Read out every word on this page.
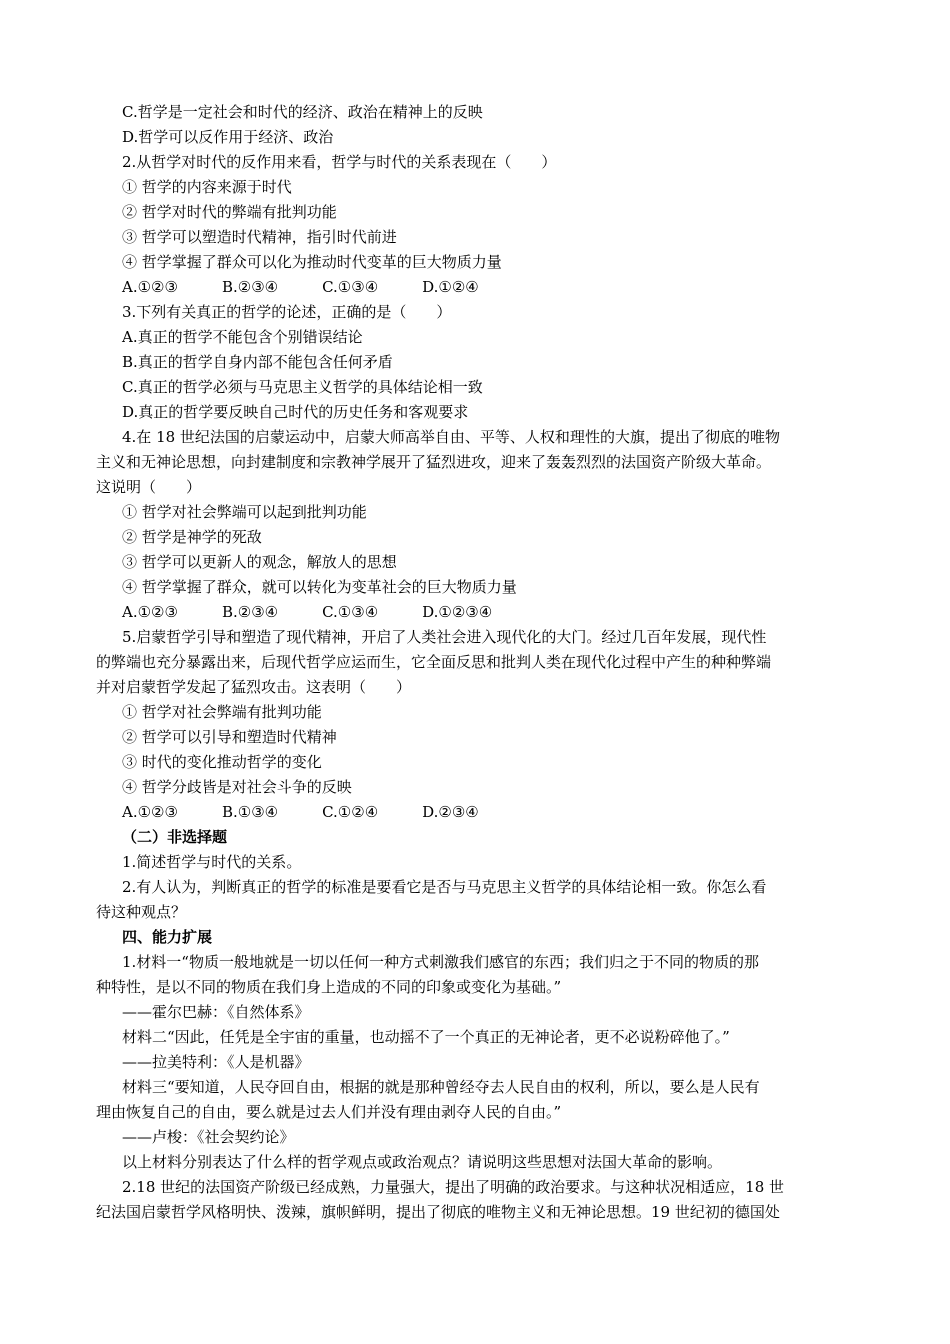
C.哲学是一定社会和时代的经济、政治在精神上的反映
D.哲学可以反作用于经济、政治
2.从哲学对时代的反作用来看，哲学与时代的关系表现在（　　）
① 哲学的内容来源于时代
② 哲学对时代的弊端有批判功能
③ 哲学可以塑造时代精神，指引时代前进
④ 哲学掌握了群众可以化为推动时代变革的巨大物质力量
A.①②③	B.②③④	C.①③④	D.①②④
3.下列有关真正的哲学的论述，正确的是（　　）
A.真正的哲学不能包含个别错误结论
B.真正的哲学自身内部不能包含任何矛盾
C.真正的哲学必须与马克思主义哲学的具体结论相一致
D.真正的哲学要反映自己时代的历史任务和客观要求
4.在 18 世纪法国的启蒙运动中，启蒙大师高举自由、平等、人权和理性的大旗，提出了彻底的唯物
主义和无神论思想，向封建制度和宗教神学展开了猛烈进攻，迎来了轰轰烈烈的法国资产阶级大革命。
这说明（　　）
① 哲学对社会弊端可以起到批判功能
② 哲学是神学的死敌
③ 哲学可以更新人的观念，解放人的思想
④ 哲学掌握了群众，就可以转化为变革社会的巨大物质力量
A.①②③	B.②③④	C.①③④	D.①②③④
5.启蒙哲学引导和塑造了现代精神，开启了人类社会进入现代化的大门。经过几百年发展，现代性
的弊端也充分暴露出来，后现代哲学应运而生，它全面反思和批判人类在现代化过程中产生的种种弊端
并对启蒙哲学发起了猛烈攻击。这表明（　　）
① 哲学对社会弊端有批判功能
② 哲学可以引导和塑造时代精神
③ 时代的变化推动哲学的变化
④ 哲学分歧皆是对社会斗争的反映
A.①②③	B.①③④	C.①②④	D.②③④
（二）非选择题
1.简述哲学与时代的关系。
2.有人认为，判断真正的哲学的标准是要看它是否与马克思主义哲学的具体结论相一致。你怎么看
待这种观点？
四、能力扩展
1.材料一“物质一般地就是一切以任何一种方式刺激我们感官的东西；我们归之于不同的物质的那
种特性，是以不同的物质在我们身上造成的不同的印象或变化为基础。”
——霍尔巴赫：《自然体系》
材料二“因此，任凭是全宇宙的重量，也动摇不了一个真正的无神论者，更不必说粉碎他了。”
——拉美特利：《人是机器》
材料三“要知道，人民夺回自由，根据的就是那种曾经夺去人民自由的权利，所以，要么是人民有
理由恢复自己的自由，要么就是过去人们并没有理由剥夺人民的自由。”
——卢梭：《社会契约论》
以上材料分别表达了什么样的哲学观点或政治观点？请说明这些思想对法国大革命的影响。
2.18 世纪的法国资产阶级已经成熟，力量强大，提出了明确的政治要求。与这种状况相适应，18 世
纪法国启蒙哲学风格明快、泼辣，旗帜鲜明，提出了彻底的唯物主义和无神论思想。19 世纪初的德国处
